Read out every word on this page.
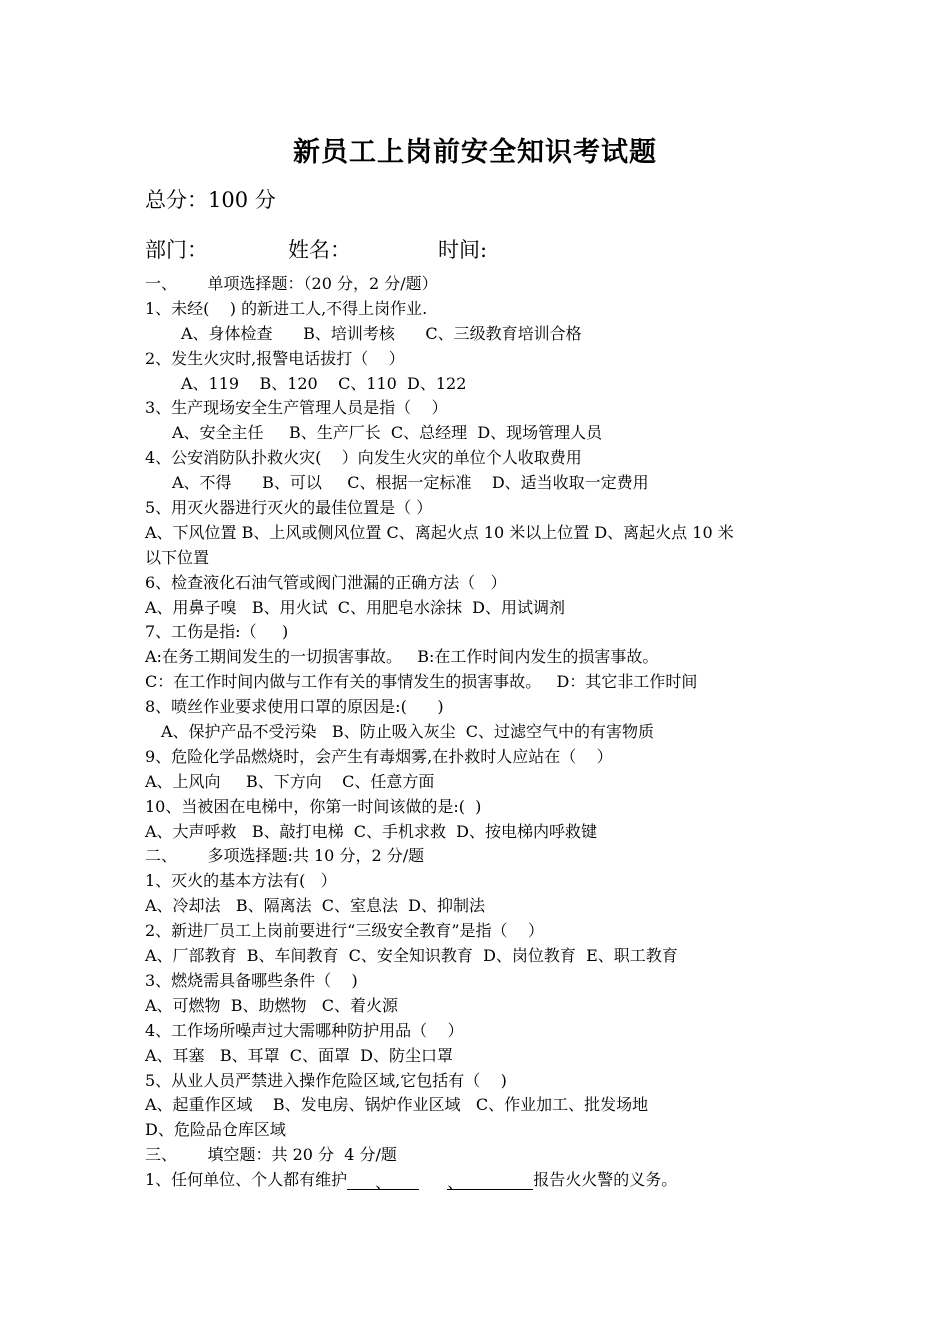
新员工上岗前安全知识考试题
总分：100 分
部门：	姓名：	时间:
一、      单项选择题：（20 分，2 分/题）
1、未经(    ) 的新进工人,不得上岗作业.
A、身体检查      B、培训考核      C、三级教育培训合格
2、发生火灾时,报警电话拔打（    ）
A、119    B、120    C、110  D、122
3、生产现场安全生产管理人员是指（    ）
A、安全主任     B、生产厂长  C、总经理  D、现场管理人员
4、公安消防队扑救火灾(    ）向发生火灾的单位个人收取费用
A、不得      B、可以     C、根据一定标准    D、适当收取一定费用
5、用灭火器进行灭火的最佳位置是（ ）
A、下风位置 B、上风或侧风位置 C、离起火点 10 米以上位置 D、离起火点 10 米
以下位置
6、检查液化石油气管或阀门泄漏的正确方法（   ）
A、用鼻子嗅   B、用火试  C、用肥皂水涂抹  D、用试调剂
7、工伤是指:（     )
A:在务工期间发生的一切损害事故。   B:在工作时间内发生的损害事故。
C：在工作时间内做与工作有关的事情发生的损害事故。   D：其它非工作时间
8、喷丝作业要求使用口罩的原因是:(      )
A、保护产品不受污染   B、防止吸入灰尘  C、过滤空气中的有害物质
9、危险化学品燃烧时，会产生有毒烟雾,在扑救时人应站在（    ）
A、上风向     B、下方向    C、任意方面
10、当被困在电梯中，你第一时间该做的是:(  )
A、大声呼救   B、敲打电梯  C、手机求救  D、按电梯内呼救键
二、      多项选择题:共 10 分，2 分/题
1、灭火的基本方法有(   ）
A、冷却法   B、隔离法  C、室息法  D、抑制法
2、新进厂员工上岗前要进行“三级安全教育”是指（    ）
A、厂部教育  B、车间教育  C、安全知识教育  D、岗位教育  E、职工教育
3、燃烧需具备哪些条件（    )
A、可燃物  B、助燃物   C、着火源
4、工作场所噪声过大需哪种防护用品（    ）
A、耳塞   B、耳罩  C、面罩  D、防尘口罩
5、从业人员严禁进入操作危险区域,它包括有（    )
A、起重作区域    B、发电房、锅炉作业区域   C、作业加工、批发场地
D、危险品仓库区域
三、      填空题：共 20 分  4 分/题
1、任何单位、个人都有维护 、	、	报告火火警的义务。
